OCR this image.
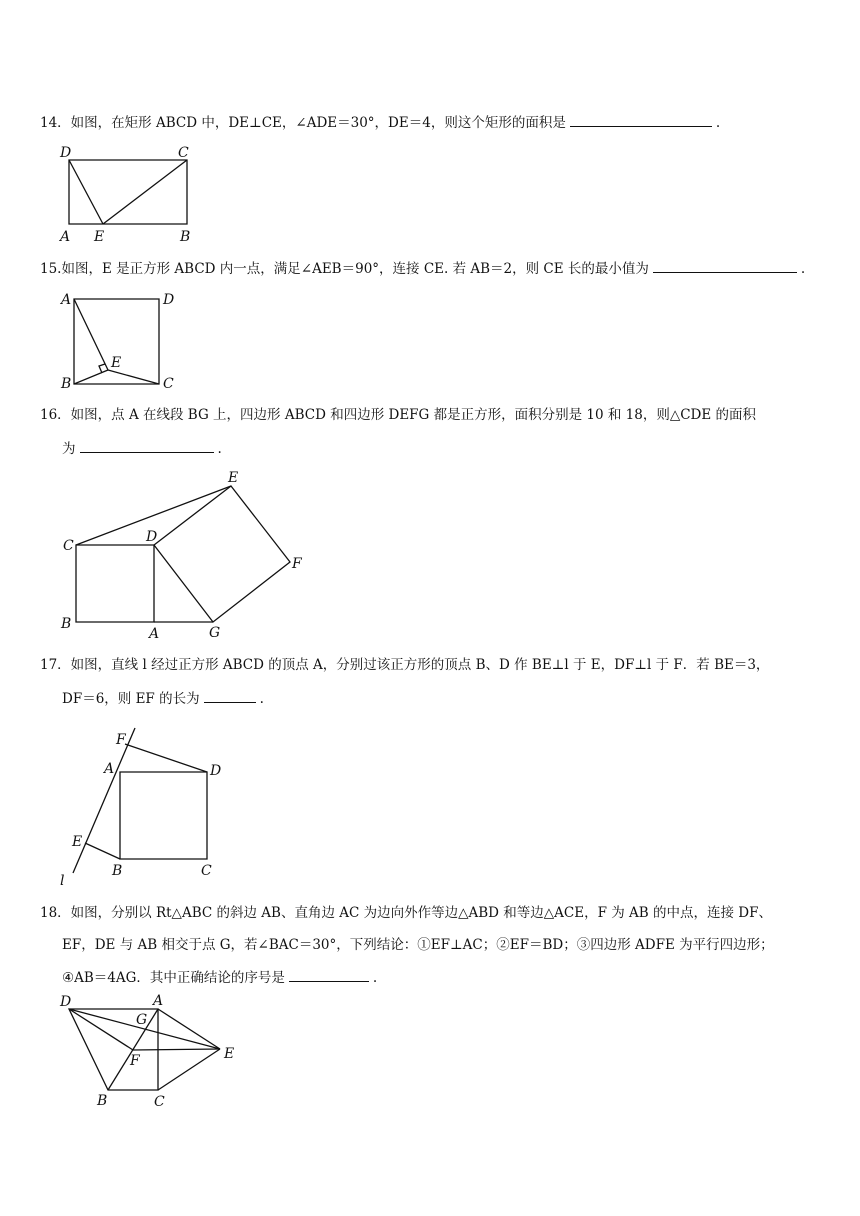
14．如图，在矩形 ABCD 中，DE⊥CE，∠ADE＝30°，DE＝4，则这个矩形的面积是	.
D	C
A E	B
15.如图，E 是正方形 ABCD 内一点，满足∠AEB＝90°，连接 CE. 若 AB＝2，则 CE 长的最小值为	.
A	D
E
B	C
16．如图，点 A 在线段 BG 上，四边形 ABCD 和四边形 DEFG 都是正方形，面积分别是 10 和 18，则△CDE 的面积
为	.
E
C
D
F
B
A	G
17．如图，直线 l 经过正方形 ABCD 的顶点 A，分别过该正方形的顶点 B、D 作 BE⊥l 于 E，DF⊥l 于 F．若 BE＝3，
DF＝6，则 EF 的长为	.
F
A	D
E
B	C
l
18．如图，分别以 Rt△ABC 的斜边 AB、直角边 AC 为边向外作等边△ABD 和等边△ACE，F 为 AB 的中点，连接 DF、
EF，DE 与 AB 相交于点 G，若∠BAC＝30°，下列结论：①EF⊥AC；②EF＝BD；③四边形 ADFE 为平行四边形；
④AB＝4AG．其中正确结论的序号是	.
D	A
G
F	E
B	C
